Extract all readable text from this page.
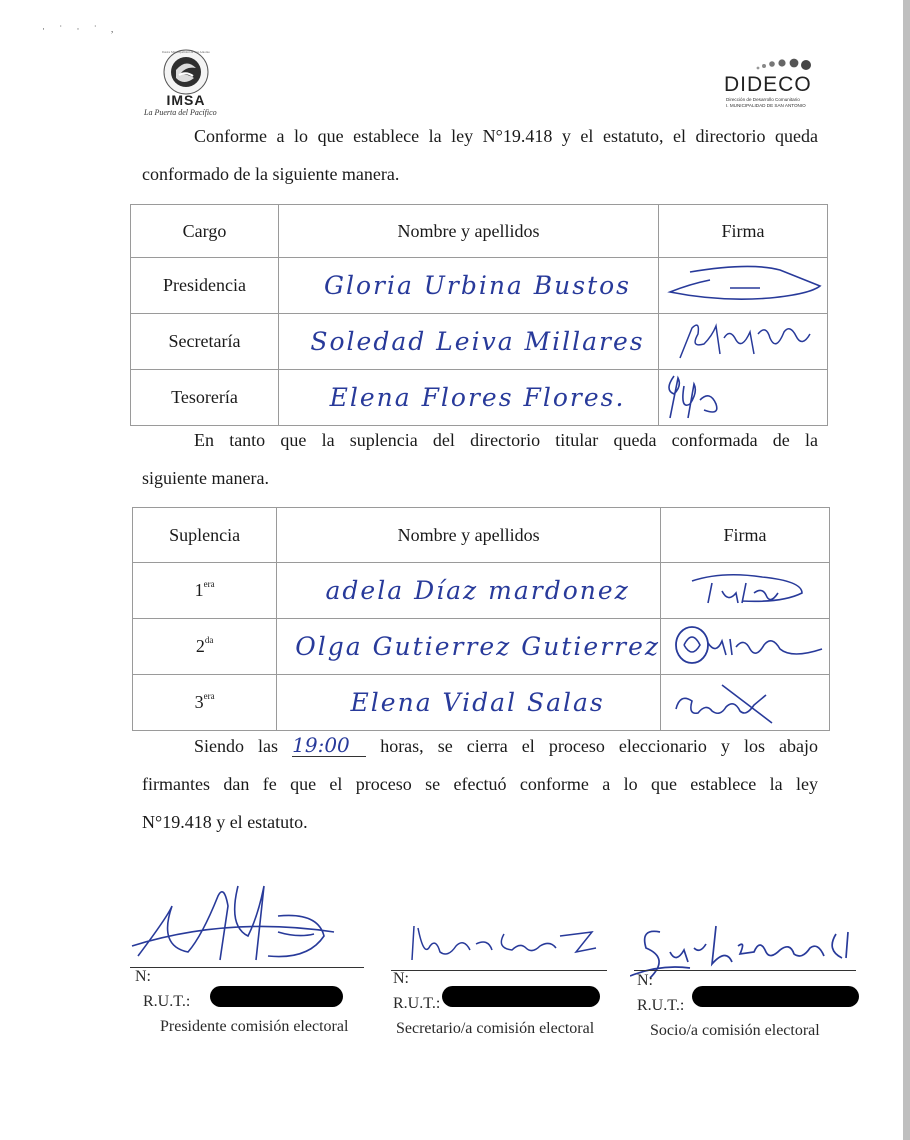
· ˙ · ˙ ,
Ilustre Municipalidad de San Antonio
IMSA
La Puerta del Pacífico
DIDECO
Dirección de Desarrollo Comunitario
I. MUNICIPALIDAD DE SAN ANTONIO
Conforme a lo que establece la ley N°19.418 y el estatuto, el directorio queda
conformado de la siguiente manera.
Cargo	Nombre y apellidos	Firma
Presidencia	Gloria Urbina Bustos	
Secretaría	Soledad Leiva Millares	
Tesorería	Elena Flores Flores.	
En tanto que la suplencia del directorio titular queda conformada de la
siguiente manera.
Suplencia	Nombre y apellidos	Firma
$1^{era}$	adela Díaz mardonez	
$2^{da}$	Olga Gutierrez Gutierrez	
$3^{era}$	Elena Vidal Salas	
Siendo las 19:00 horas, se cierra el proceso eleccionario y los abajo
firmantes dan fe que el proceso se efectuó conforme a lo que establece la ley
N°19.418 y el estatuto.
N:
R.U.T.:
Presidente comisión electoral
N:
R.U.T.:
Secretario/a comisión electoral
N:
R.U.T.:
Socio/a comisión electoral
